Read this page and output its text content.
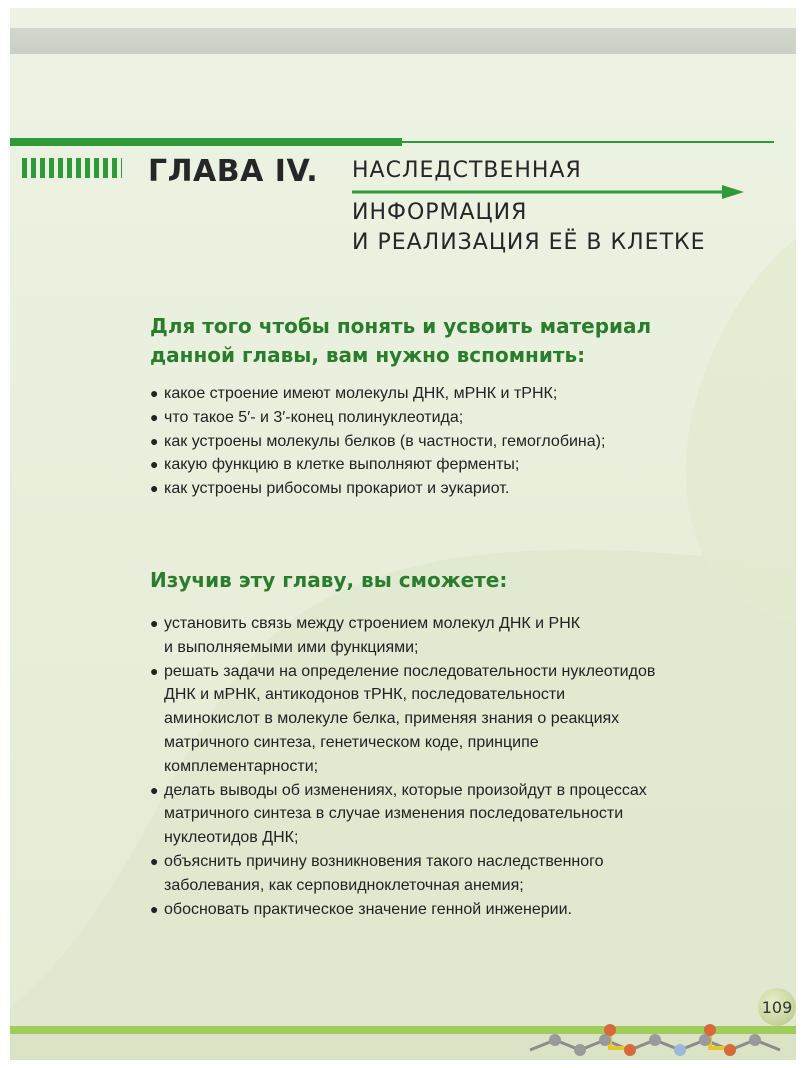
ГЛАВА IV. НАСЛЕДСТВЕННАЯ
ИНФОРМАЦИЯ
И РЕАЛИЗАЦИЯ ЕЁ В КЛЕТКЕ
Для того чтобы понять и усвоить материал
данной главы, вам нужно вспомнить:
● какое строение имеют молекулы ДНК, мРНК и тРНК;
● что такое 5′- и 3′-конец полинуклеотида;
● как устроены молекулы белков (в частности, гемоглобина);
● какую функцию в клетке выполняют ферменты;
● как устроены рибосомы прокариот и эукариот.
Изучив эту главу, вы сможете:
● установить связь между строением молекул ДНК и РНК
и выполняемыми ими функциями;
● решать задачи на определение последовательности нуклеотидов
ДНК и мРНК, антикодонов тРНК, последовательности
аминокислот в молекуле белка, применяя знания о реакциях
матричного синтеза, генетическом коде, принципе
комплементарности;
● делать выводы об изменениях, которые произойдут в процессах
матричного синтеза в случае изменения последовательности
нуклеотидов ДНК;
● объяснить причину возникновения такого наследственного
заболевания, как серповидноклеточная анемия;
● обосновать практическое значение генной инженерии.
109
